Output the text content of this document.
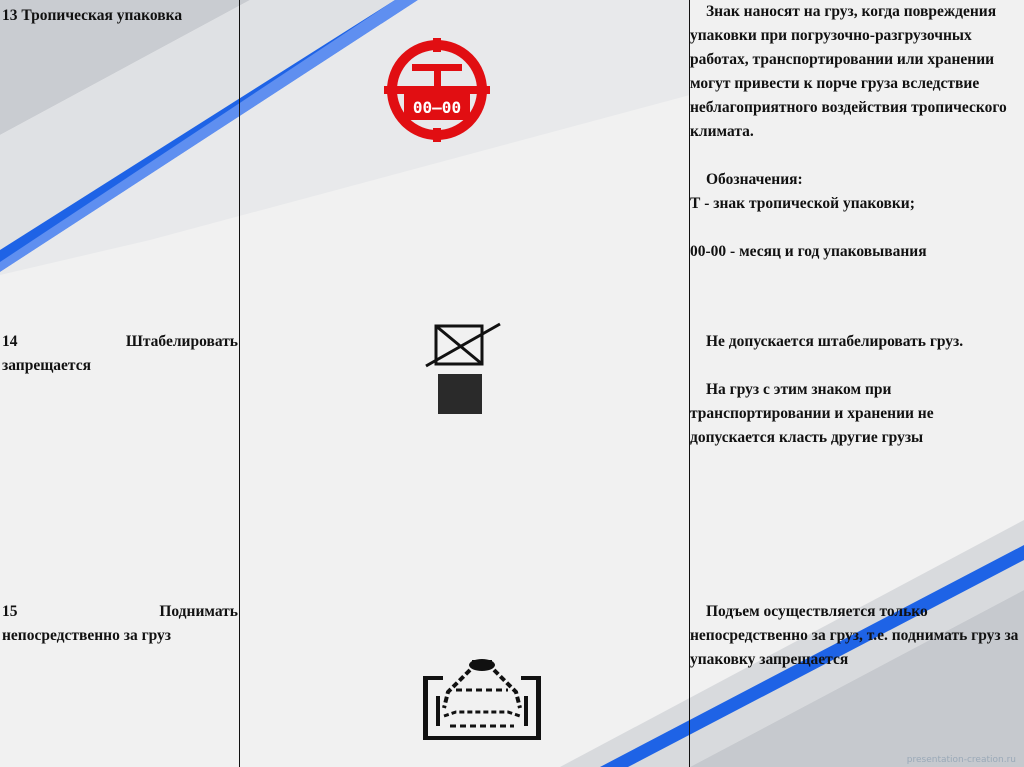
13 Тропическая упаковка
00–00

Знак наносят на груз, когда повреждения упаковки при погрузочно-разгрузочных работах, транспортировании или хранении могут привести к порче груза вследствие неблагоприятного воздействия тропического климата.

Обозначения:

Т - знак тропической упаковки;

00-00 - месяц и год упаковывания

14	Штабелировать
запрещается

Не допускается штабелировать груз.

На груз с этим знаком при транспортировании и хранении не допускается класть другие грузы

15	Поднимать
непосредственно за груз

Подъем осуществляется только непосредственно за груз, т.е. поднимать груз за упаковку запрещается

presentation-creation.ru
